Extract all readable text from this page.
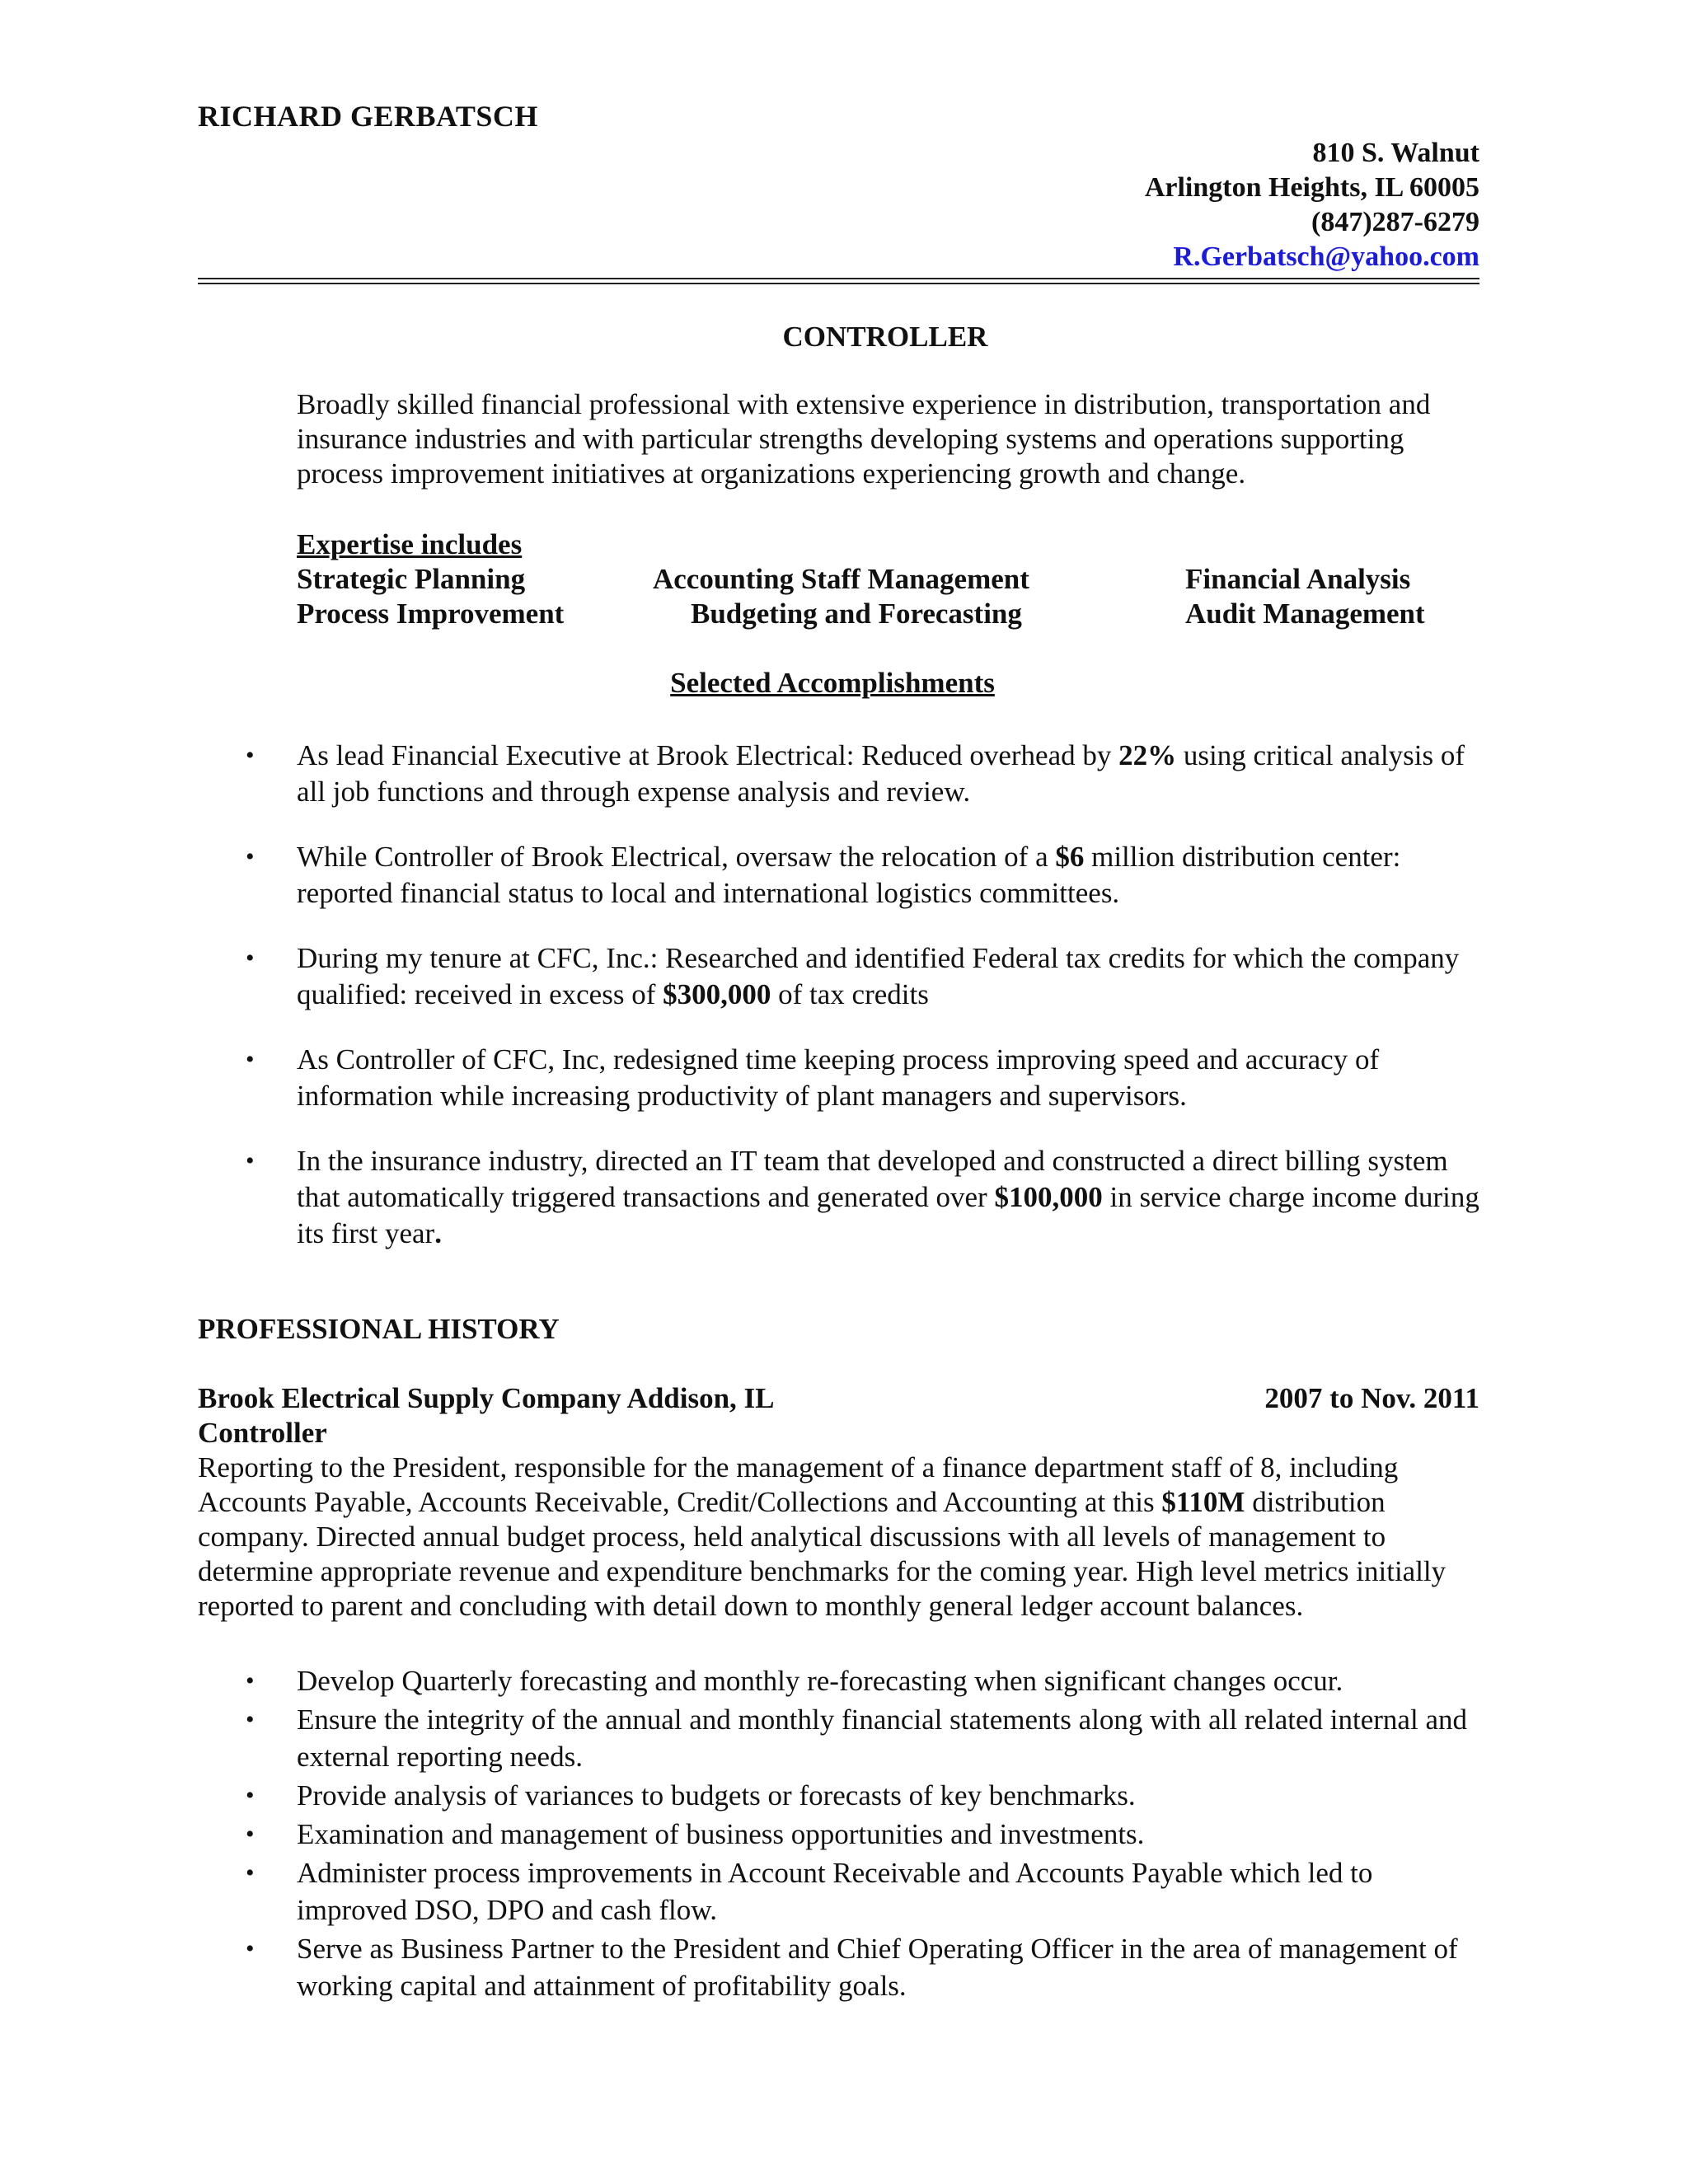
RICHARD GERBATSCH
810 S. Walnut
Arlington Heights, IL 60005
(847)287-6279
R.Gerbatsch@yahoo.com
CONTROLLER
Broadly skilled financial professional with extensive experience in distribution, transportation and insurance industries and with particular strengths developing systems and operations supporting process improvement initiatives at organizations experiencing growth and change.
Expertise includes
Strategic Planning	Accounting Staff Management	Financial Analysis
Process Improvement	Budgeting and Forecasting	Audit Management
Selected Accomplishments
• As lead Financial Executive at Brook Electrical: Reduced overhead by 22% using critical analysis of all job functions and through expense analysis and review.
• While Controller of Brook Electrical, oversaw the relocation of a $6 million distribution center: reported financial status to local and international logistics committees.
• During my tenure at CFC, Inc.: Researched and identified Federal tax credits for which the company qualified: received in excess of $300,000 of tax credits
• As Controller of CFC, Inc, redesigned time keeping process improving speed and accuracy of information while increasing productivity of plant managers and supervisors.
• In the insurance industry, directed an IT team that developed and constructed a direct billing system that automatically triggered transactions and generated over $100,000 in service charge income during its first year.
PROFESSIONAL HISTORY
Brook Electrical Supply Company Addison, IL	2007 to Nov. 2011
Controller
Reporting to the President, responsible for the management of a finance department staff of 8, including Accounts Payable, Accounts Receivable, Credit/Collections and Accounting at this $110M distribution company. Directed annual budget process, held analytical discussions with all levels of management to determine appropriate revenue and expenditure benchmarks for the coming year. High level metrics initially reported to parent and concluding with detail down to monthly general ledger account balances.
• Develop Quarterly forecasting and monthly re-forecasting when significant changes occur.
• Ensure the integrity of the annual and monthly financial statements along with all related internal and external reporting needs.
• Provide analysis of variances to budgets or forecasts of key benchmarks.
• Examination and management of business opportunities and investments.
• Administer process improvements in Account Receivable and Accounts Payable which led to improved DSO, DPO and cash flow.
• Serve as Business Partner to the President and Chief Operating Officer in the area of management of working capital and attainment of profitability goals.
